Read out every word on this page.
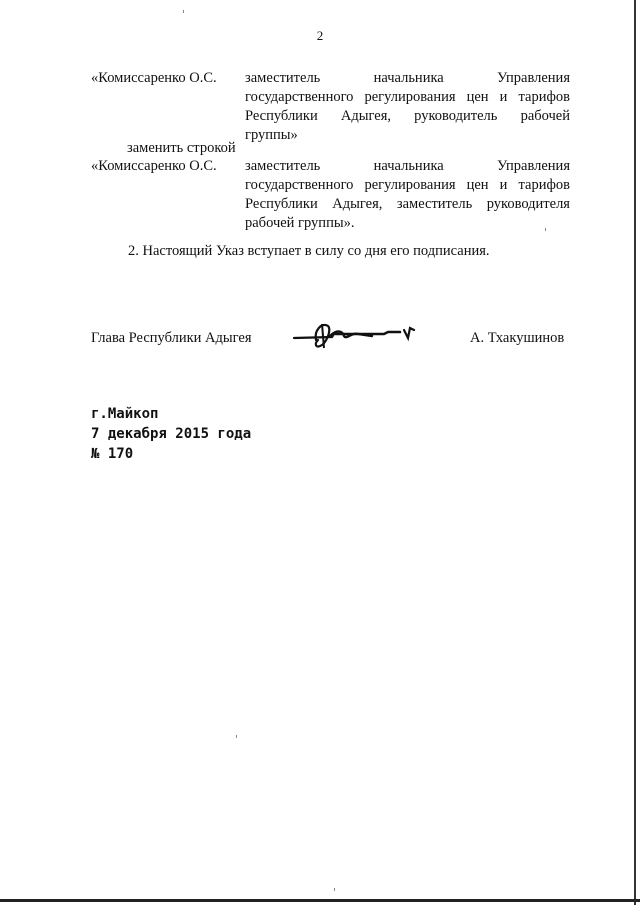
2
«Комиссаренко О.С. заместитель	начальника	Управления
государственного регулирования цен и тарифов
Республики Адыгея, руководитель рабочей
группы»
заменить строкой
«Комиссаренко О.С. заместитель	начальника	Управления
государственного регулирования цен и тарифов
Республики Адыгея, заместитель руководителя
рабочей группы».
2. Настоящий Указ вступает в силу со дня его подписания.
Глава Республики Адыгея	А. Тхакушинов
г.Майкоп
7 декабря 2015 года
№ 170
